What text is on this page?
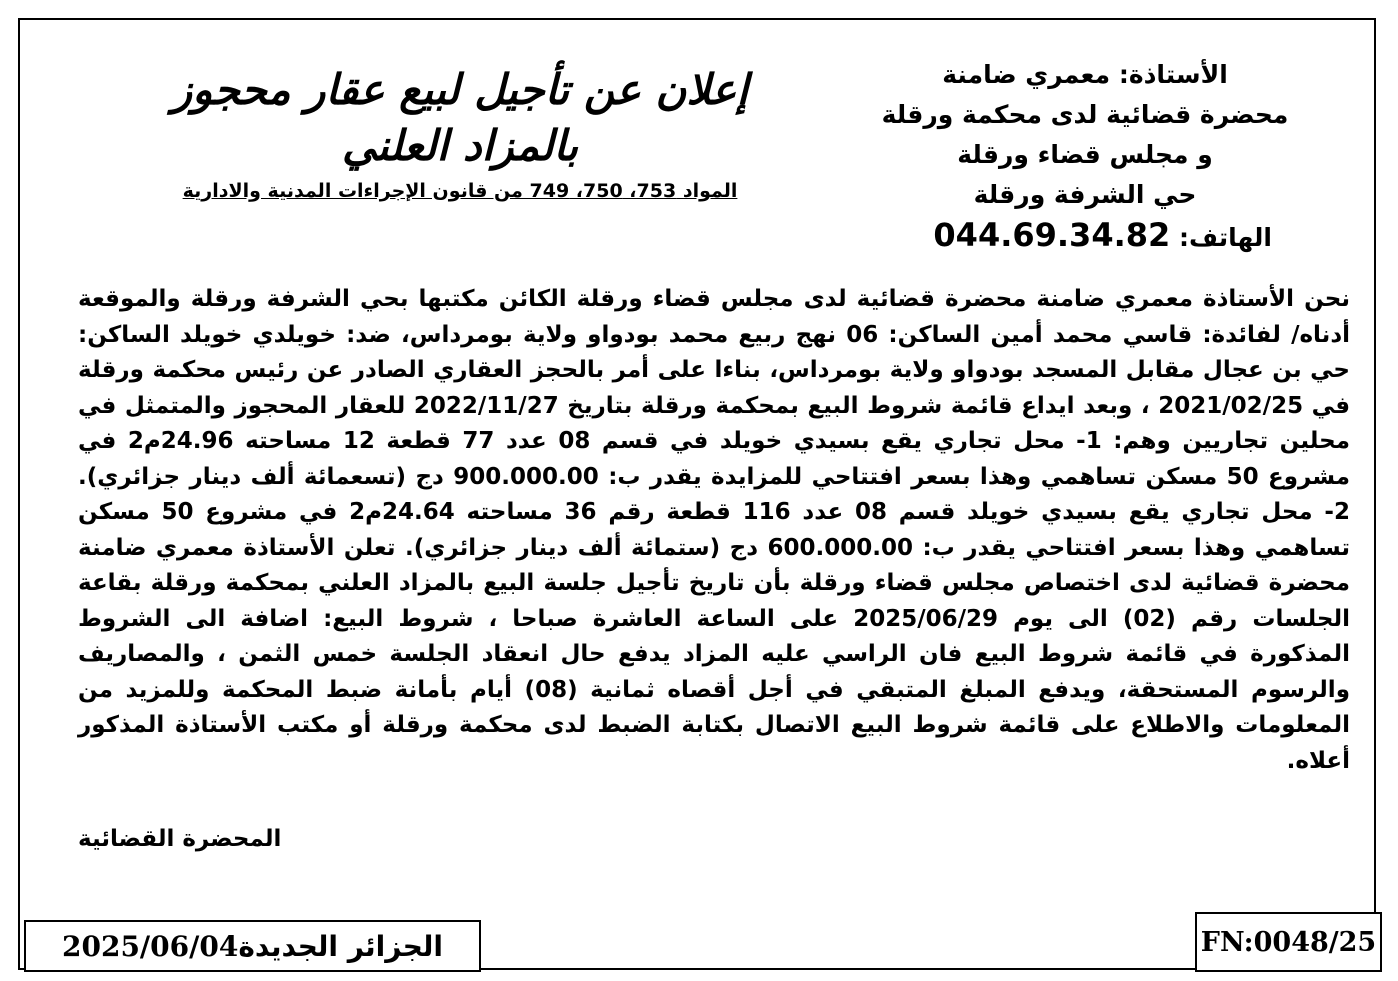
الأستاذة: معمري ضامنة
محضرة قضائية لدى محكمة ورقلة
و مجلس قضاء ورقلة
حي الشرفة ورقلة
الهاتف: 044.69.34.82
إعلان عن تأجيل لبيع عقار محجوز
بالمزاد العلني
المواد 753، 750، 749 من قانون الإجراءات المدنية والادارية

نحن الأستاذة معمري ضامنة محضرة قضائية لدى مجلس قضاء ورقلة الكائن مكتبها بحي الشرفة ورقلة والموقعة أدناه/ لفائدة: قاسي محمد أمين الساكن: 06 نهج ربيع محمد بودواو ولاية بومرداس، ضد: خويلدي خويلد الساكن: حي بن عجال مقابل المسجد بودواو ولاية بومرداس، بناءا على أمر بالحجز العقاري الصادر عن رئيس محكمة ورقلة في 2021/02/25 ، وبعد ايداع قائمة شروط البيع بمحكمة ورقلة بتاريخ 2022/11/27 للعقار المحجوز والمتمثل في محلين تجاريين وهم: 1- محل تجاري يقع بسيدي خويلد في قسم 08 عدد 77 قطعة 12 مساحته 24.96م2 في مشروع 50 مسكن تساهمي وهذا بسعر افتتاحي للمزايدة يقدر ب: 900.000.00 دج (تسعمائة ألف دينار جزائري). 2- محل تجاري يقع بسيدي خويلد قسم 08 عدد 116 قطعة رقم 36 مساحته 24.64م2 في مشروع 50 مسكن تساهمي وهذا بسعر افتتاحي يقدر ب: 600.000.00 دج (ستمائة ألف دينار جزائري). تعلن الأستاذة معمري ضامنة محضرة قضائية لدى اختصاص مجلس قضاء ورقلة بأن تاريخ تأجيل جلسة البيع بالمزاد العلني بمحكمة ورقلة بقاعة الجلسات رقم (02) الى يوم 2025/06/29 على الساعة العاشرة صباحا ، شروط البيع: اضافة الى الشروط المذكورة في قائمة شروط البيع فان الراسي عليه المزاد يدفع حال انعقاد الجلسة خمس الثمن ، والمصاريف والرسوم المستحقة، ويدفع المبلغ المتبقي في أجل أقصاه ثمانية (08) أيام بأمانة ضبط المحكمة وللمزيد من المعلومات والاطلاع على قائمة شروط البيع الاتصال بكتابة الضبط لدى محكمة ورقلة أو مكتب الأستاذة المذكور أعلاه.

المحضرة القضائية
2025/06/04الجزائر الجديدة	FN:0048/25
